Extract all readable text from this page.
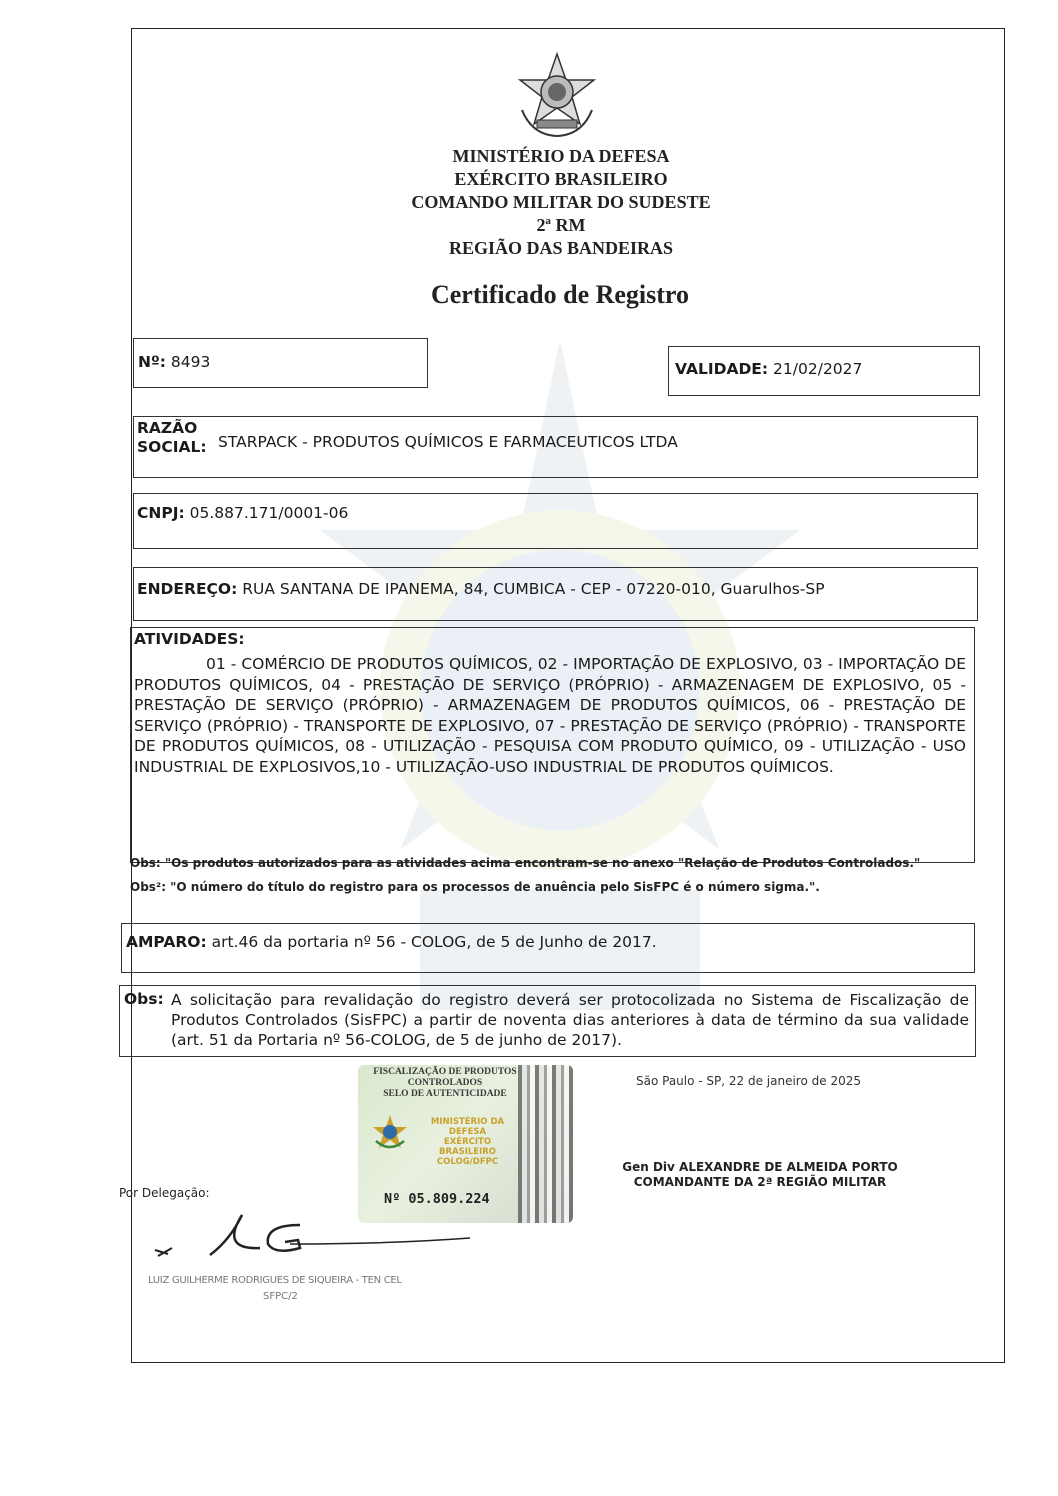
MINISTÉRIO DA DEFESA
EXÉRCITO BRASILEIRO
COMANDO MILITAR DO SUDESTE
2ª RM
REGIÃO DAS BANDEIRAS
Certificado de Registro
Nº: 8493	VALIDADE: 21/02/2027
RAZÃO
SOCIAL: STARPACK - PRODUTOS QUÍMICOS E FARMACEUTICOS LTDA
CNPJ: 05.887.171/0001-06
ENDEREÇO: RUA SANTANA DE IPANEMA, 84, CUMBICA - CEP - 07220-010, Guarulhos-SP
ATIVIDADES:

01 - COMÉRCIO DE PRODUTOS QUÍMICOS, 02 - IMPORTAÇÃO DE EXPLOSIVO, 03 - IMPORTAÇÃO DE PRODUTOS QUÍMICOS, 04 - PRESTAÇÃO DE SERVIÇO (PRÓPRIO) - ARMAZENAGEM DE EXPLOSIVO, 05 - PRESTAÇÃO DE SERVIÇO (PRÓPRIO) - ARMAZENAGEM DE PRODUTOS QUÍMICOS, 06 - PRESTAÇÃO DE SERVIÇO (PRÓPRIO) - TRANSPORTE DE EXPLOSIVO, 07 - PRESTAÇÃO DE SERVIÇO (PRÓPRIO) - TRANSPORTE DE PRODUTOS QUÍMICOS, 08 - UTILIZAÇÃO - PESQUISA COM PRODUTO QUÍMICO, 09 - UTILIZAÇÃO - USO INDUSTRIAL DE EXPLOSIVOS,10 - UTILIZAÇÃO-USO INDUSTRIAL DE PRODUTOS QUÍMICOS.

Obs: "Os produtos autorizados para as atividades acima encontram-se no anexo "Relação de Produtos Controlados."
Obs²: "O número do título do registro para os processos de anuência pelo SisFPC é o número sigma.".
AMPARO: art.46 da portaria nº 56 - COLOG, de 5 de Junho de 2017.
Obs: A solicitação para revalidação do registro deverá ser protocolizada no Sistema de Fiscalização de Produtos Controlados (SisFPC) a partir de noventa dias anteriores à data de término da sua validade (art. 51 da Portaria nº 56-COLOG, de 5 de junho de 2017).

São Paulo - SP, 22 de janeiro de 2025
FISCALIZAÇÃO DE PRODUTOS
CONTROLADOS
SELO DE AUTENTICIDADE
MINISTÉRIO DA DEFESA
EXÉRCITO BRASILEIRO
COLOG/DFPC
Nº 05.809.224
Gen Div ALEXANDRE DE ALMEIDA PORTO
COMANDANTE DA 2ª REGIÃO MILITAR
Por Delegação:
LUIZ GUILHERME RODRIGUES DE SIQUEIRA - TEN CEL
SFPC/2
